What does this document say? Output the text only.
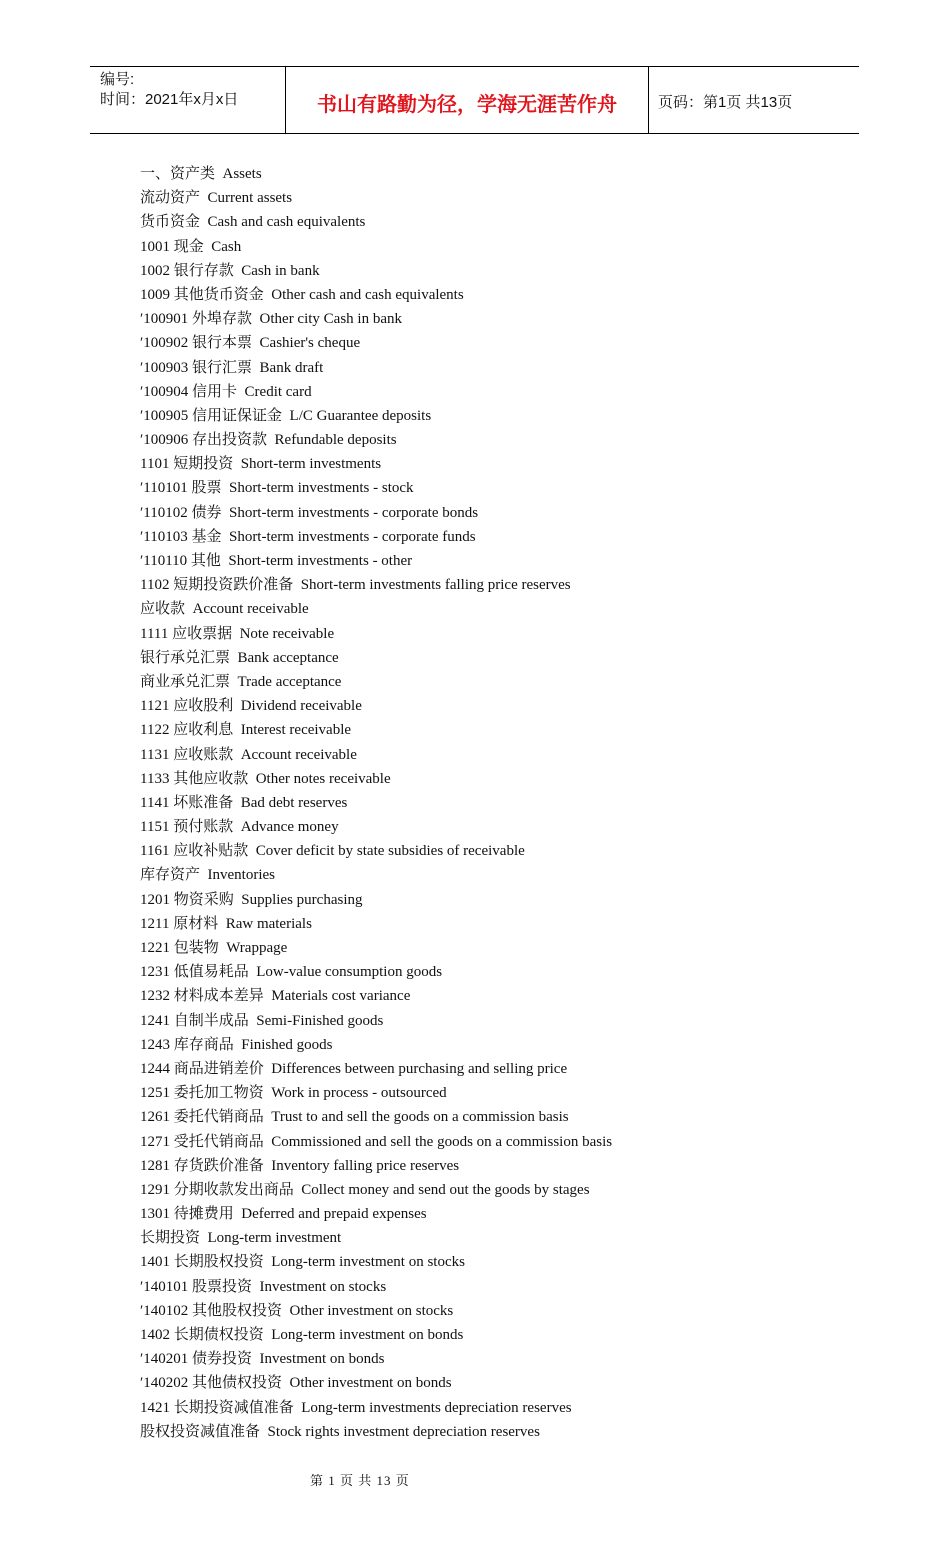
编号:
时间：2021年x月x日	书山有路勤为径，学海无涯苦作舟	页码：第1页 共13页
一、资产类  Assets
流动资产  Current assets
货币资金  Cash and cash equivalents
1001 现金  Cash
1002 银行存款  Cash in bank
1009 其他货币资金  Other cash and cash equivalents
′100901 外埠存款  Other city Cash in bank
′100902 银行本票  Cashier's cheque
′100903 银行汇票  Bank draft
′100904 信用卡  Credit card
′100905 信用证保证金  L/C Guarantee deposits
′100906 存出投资款  Refundable deposits
1101 短期投资  Short-term investments
′110101 股票  Short-term investments - stock
′110102 债券  Short-term investments - corporate bonds
′110103 基金  Short-term investments - corporate funds
′110110 其他  Short-term investments - other
1102 短期投资跌价准备  Short-term investments falling price reserves
应收款  Account receivable
1111 应收票据  Note receivable
银行承兑汇票  Bank acceptance
商业承兑汇票  Trade acceptance
1121 应收股利  Dividend receivable
1122 应收利息  Interest receivable
1131 应收账款  Account receivable
1133 其他应收款  Other notes receivable
1141 坏账准备  Bad debt reserves
1151 预付账款  Advance money
1161 应收补贴款  Cover deficit by state subsidies of receivable
库存资产  Inventories
1201 物资采购  Supplies purchasing
1211 原材料  Raw materials
1221 包装物  Wrappage
1231 低值易耗品  Low-value consumption goods
1232 材料成本差异  Materials cost variance
1241 自制半成品  Semi-Finished goods
1243 库存商品  Finished goods
1244 商品进销差价  Differences between purchasing and selling price
1251 委托加工物资  Work in process - outsourced
1261 委托代销商品  Trust to and sell the goods on a commission basis
1271 受托代销商品  Commissioned and sell the goods on a commission basis
1281 存货跌价准备  Inventory falling price reserves
1291 分期收款发出商品  Collect money and send out the goods by stages
1301 待摊费用  Deferred and prepaid expenses
长期投资  Long-term investment
1401 长期股权投资  Long-term investment on stocks
′140101 股票投资  Investment on stocks
′140102 其他股权投资  Other investment on stocks
1402 长期债权投资  Long-term investment on bonds
′140201 债券投资  Investment on bonds
′140202 其他债权投资  Other investment on bonds
1421 长期投资减值准备  Long-term investments depreciation reserves
股权投资减值准备  Stock rights investment depreciation reserves
第 1 页 共 13 页
